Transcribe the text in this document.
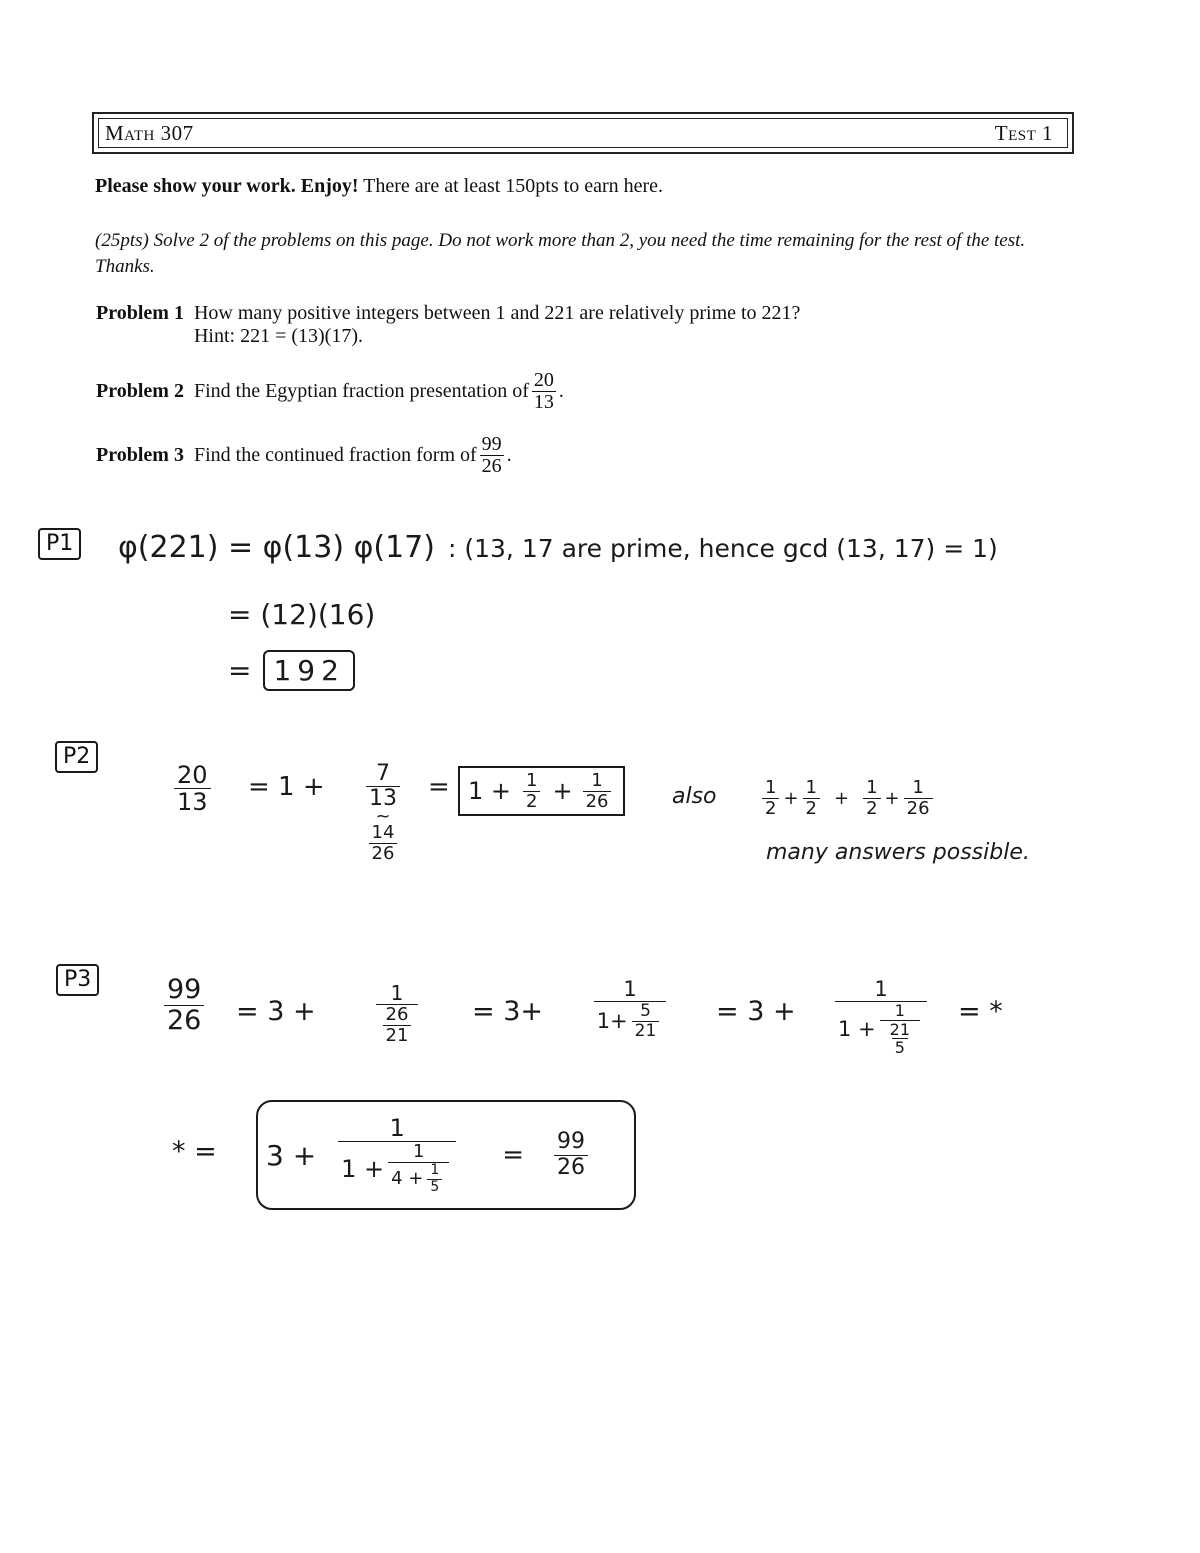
Math 307	Test 1
Please show your work. Enjoy! There are at least 150pts to earn here.
(25pts) Solve 2 of the problems on this page. Do not work more than 2, you need the time remaining for the rest of the test. Thanks.
Problem 1 How many positive integers between 1 and 221 are relatively prime to 221?
Hint: 221 = (13)(17).
Problem 2 Find the Egyptian fraction presentation of $\frac{20}{13}$ .
Problem 3 Find the continued fraction form of $\frac{99}{26}$ .
P1 φ(221) = φ(13) φ(17) : (13, 17 are prime, hence gcd (13, 17) = 1)
= (12)(16)
= 192
P2
$\frac{20}{13} = 1 + \frac{7}{13}$
~
$\frac{14}{26}$
= $1 + \frac{1}{2} + \frac{1}{26}$	also	$\frac{1}{2} + \frac{1}{2} + \frac{1}{2} + \frac{1}{26}$
many answers possible.
P3	$\frac{99}{26} = 3 + \frac{1}{\frac{26}{21}} = 3+ \frac{1}{1+ \frac{5}{21}} = 3$ +
1
$1 + \frac{1}{\frac{21}{5}}$ = *
* = 3 +
1
$1 + \frac{1}{4 + \frac{1}{5}} = \frac{99}{26}$
